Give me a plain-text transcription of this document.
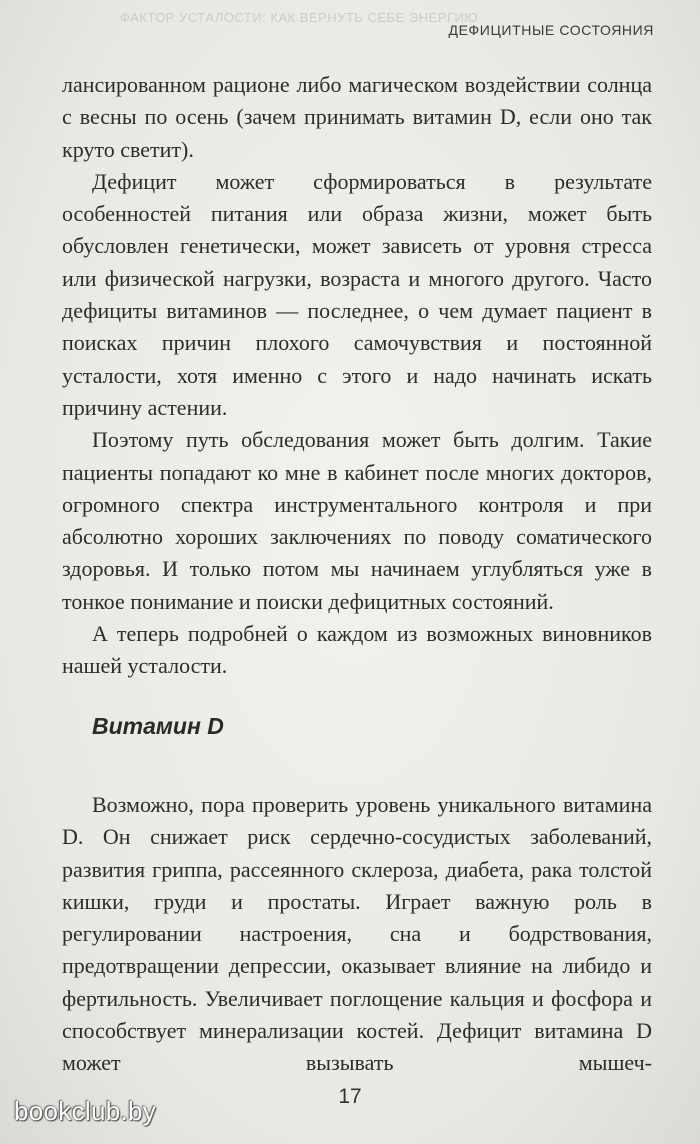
ФАКТОР УСТАЛОСТИ: КАК ВЕРНУТЬ СЕБЕ ЭНЕРГИЮ
ДЕФИЦИТНЫЕ СОСТОЯНИЯ

лансированном рационе либо магическом воздействии солнца с весны по осень (зачем принимать витамин D, если оно так круто светит).

Дефицит может сформироваться в результате особенностей питания или образа жизни, может быть обусловлен генетически, может зависеть от уровня стресса или физической нагрузки, возраста и многого другого. Часто дефициты витаминов — последнее, о чем думает пациент в поисках причин плохого самочувствия и постоянной усталости, хотя именно с этого и надо начинать искать причину астении.

Поэтому путь обследования может быть долгим. Такие пациенты попадают ко мне в кабинет после многих докторов, огромного спектра инструментального контроля и при абсолютно хороших заключениях по поводу соматического здоровья. И только потом мы начинаем углубляться уже в тонкое понимание и поиски дефицитных состояний.

А теперь подробней о каждом из возможных виновников нашей усталости.

Витамин D

Возможно, пора проверить уровень уникального витамина D. Он снижает риск сердечно-сосудистых заболеваний, развития гриппа, рассеянного склероза, диабета, рака толстой кишки, груди и простаты. Играет важную роль в регулировании настроения, сна и бодрствования, предотвращении депрессии, оказывает влияние на либидо и фертильность. Увеличивает поглощение кальция и фосфора и способствует минерализации костей. Дефицит витамина D может вызывать мышеч-

17
bookclub.by
